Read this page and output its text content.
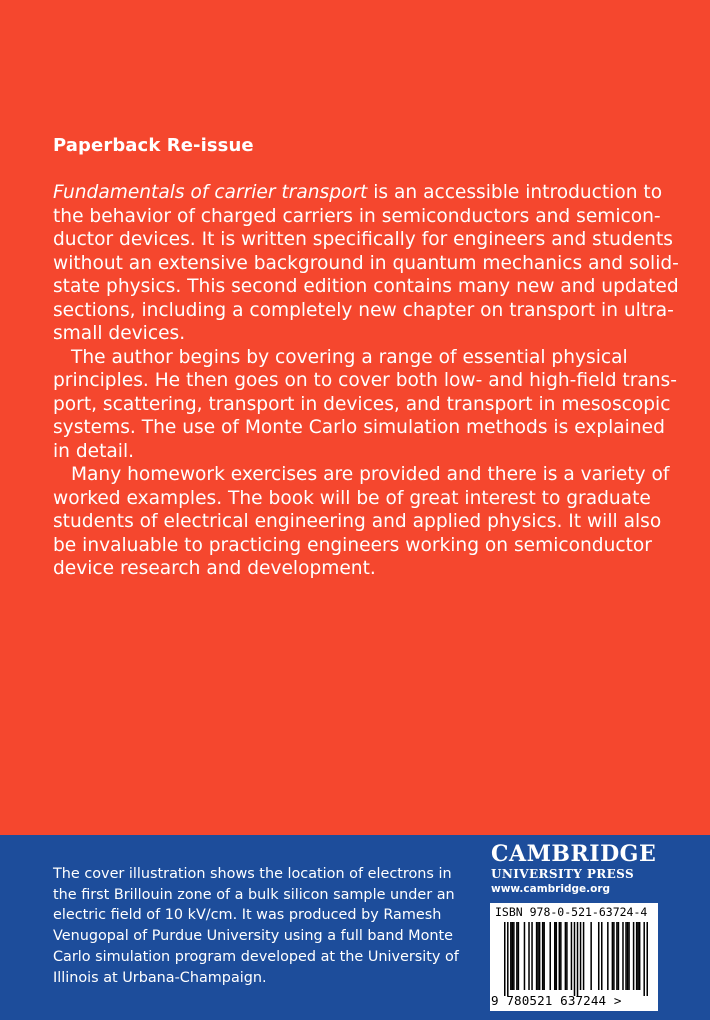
Paperback Re-issue

Fundamentals of carrier transport is an accessible introduction to
the behavior of charged carriers in semiconductors and semicon-
ductor devices. It is written specifically for engineers and students
without an extensive background in quantum mechanics and solid-
state physics. This second edition contains many new and updated
sections, including a completely new chapter on transport in ultra-
small devices.

The author begins by covering a range of essential physical
principles. He then goes on to cover both low- and high-field trans-
port, scattering, transport in devices, and transport in mesoscopic
systems. The use of Monte Carlo simulation methods is explained
in detail.

Many homework exercises are provided and there is a variety of
worked examples. The book will be of great interest to graduate
students of electrical engineering and applied physics. It will also
be invaluable to practicing engineers working on semiconductor
device research and development.

The cover illustration shows the location of electrons in
the first Brillouin zone of a bulk silicon sample under an
electric field of 10 kV/cm. It was produced by Ramesh
Venugopal of Purdue University using a full band Monte
Carlo simulation program developed at the University of
Illinois at Urbana-Champaign.
CAMBRIDGE
UNIVERSITY PRESS
www.cambridge.org
ISBN 978-0-521-63724-4
9 780521 637244 >
